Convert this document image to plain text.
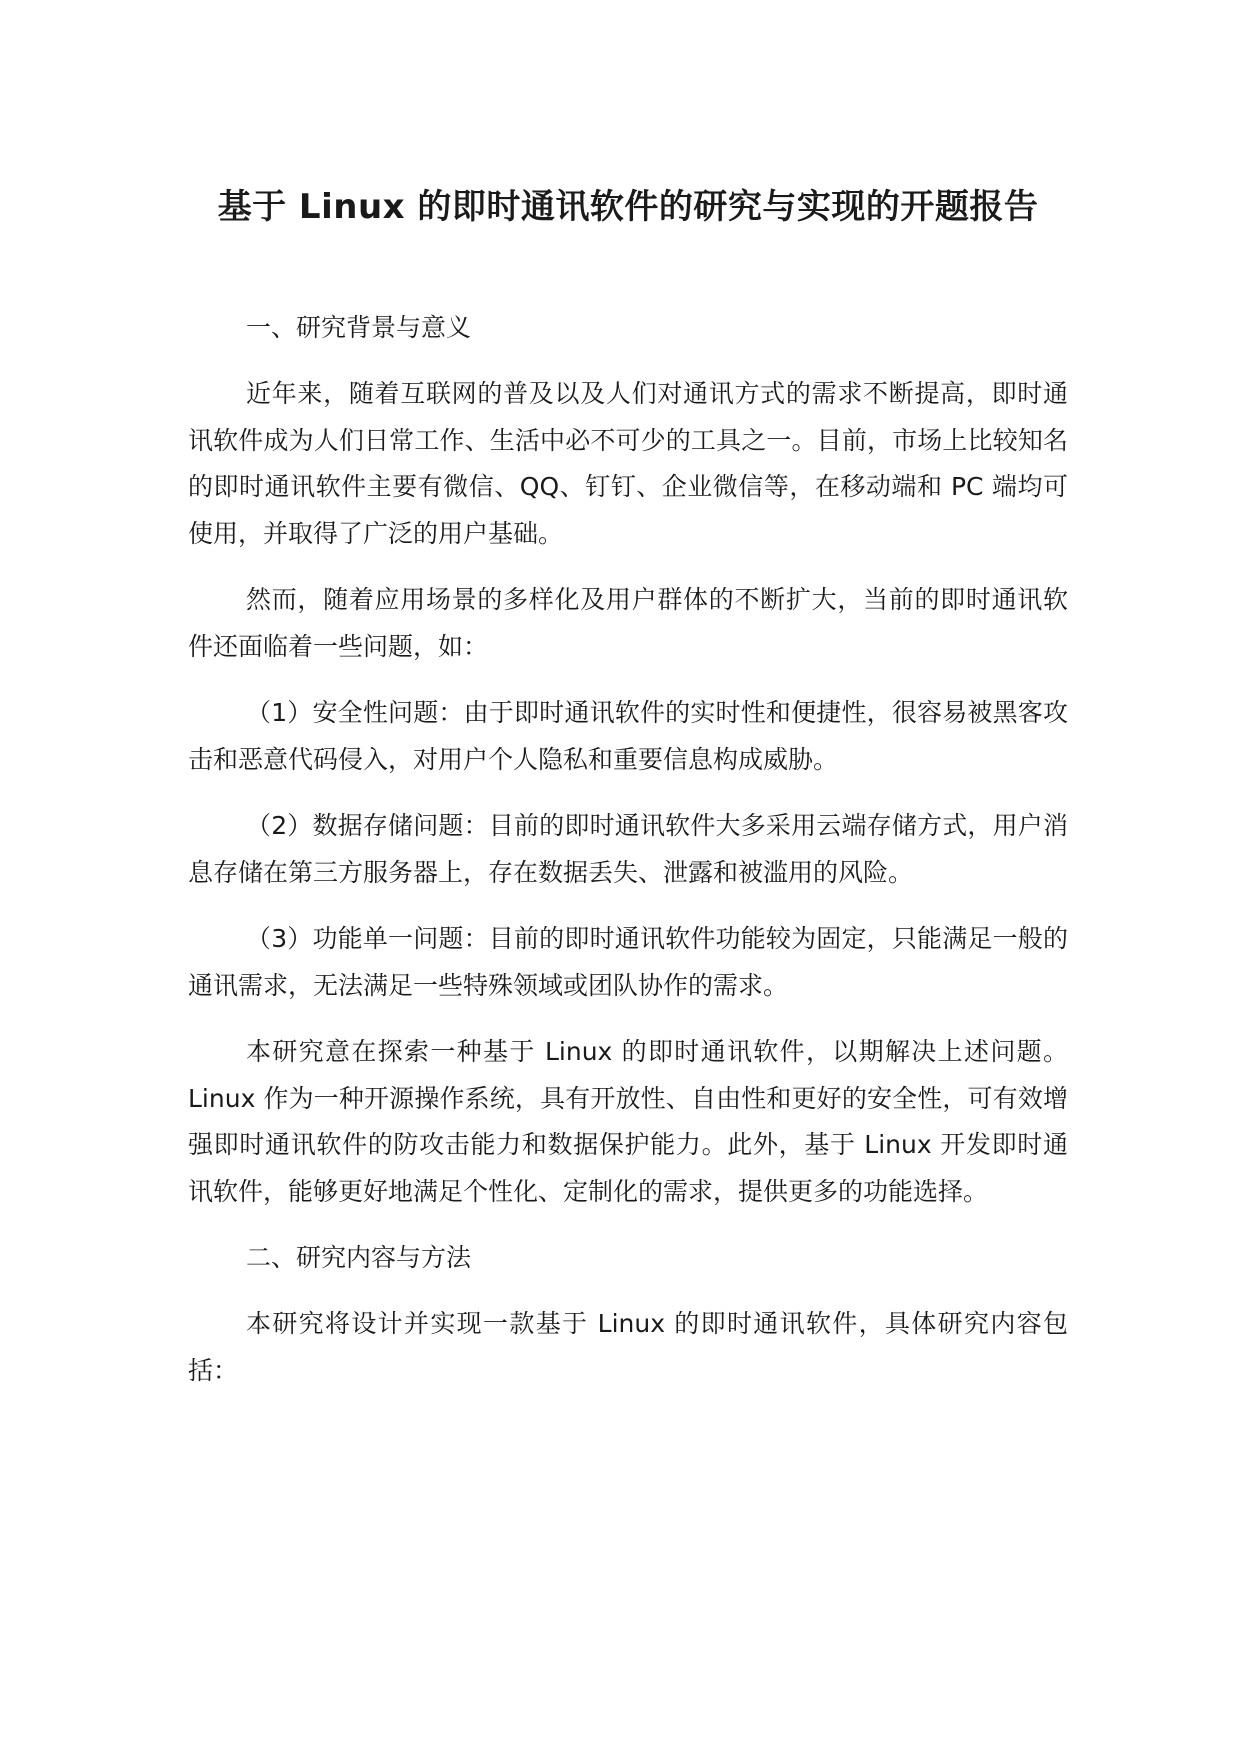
基于 Linux 的即时通讯软件的研究与实现的开题报告

一、研究背景与意义

近年来，随着互联网的普及以及人们对通讯方式的需求不断提高，即时通讯软件成为人们日常工作、生活中必不可少的工具之一。目前，市场上比较知名的即时通讯软件主要有微信、QQ、钉钉、企业微信等，在移动端和 PC 端均可使用，并取得了广泛的用户基础。

然而，随着应用场景的多样化及用户群体的不断扩大，当前的即时通讯软件还面临着一些问题，如：

（1）安全性问题：由于即时通讯软件的实时性和便捷性，很容易被黑客攻击和恶意代码侵入，对用户个人隐私和重要信息构成威胁。

（2）数据存储问题：目前的即时通讯软件大多采用云端存储方式，用户消息存储在第三方服务器上，存在数据丢失、泄露和被滥用的风险。

（3）功能单一问题：目前的即时通讯软件功能较为固定，只能满足一般的通讯需求，无法满足一些特殊领域或团队协作的需求。

本研究意在探索一种基于 Linux 的即时通讯软件，以期解决上述问题。Linux 作为一种开源操作系统，具有开放性、自由性和更好的安全性，可有效增强即时通讯软件的防攻击能力和数据保护能力。此外，基于 Linux 开发即时通讯软件，能够更好地满足个性化、定制化的需求，提供更多的功能选择。

二、研究内容与方法

本研究将设计并实现一款基于 Linux 的即时通讯软件，具体研究内容包括：
